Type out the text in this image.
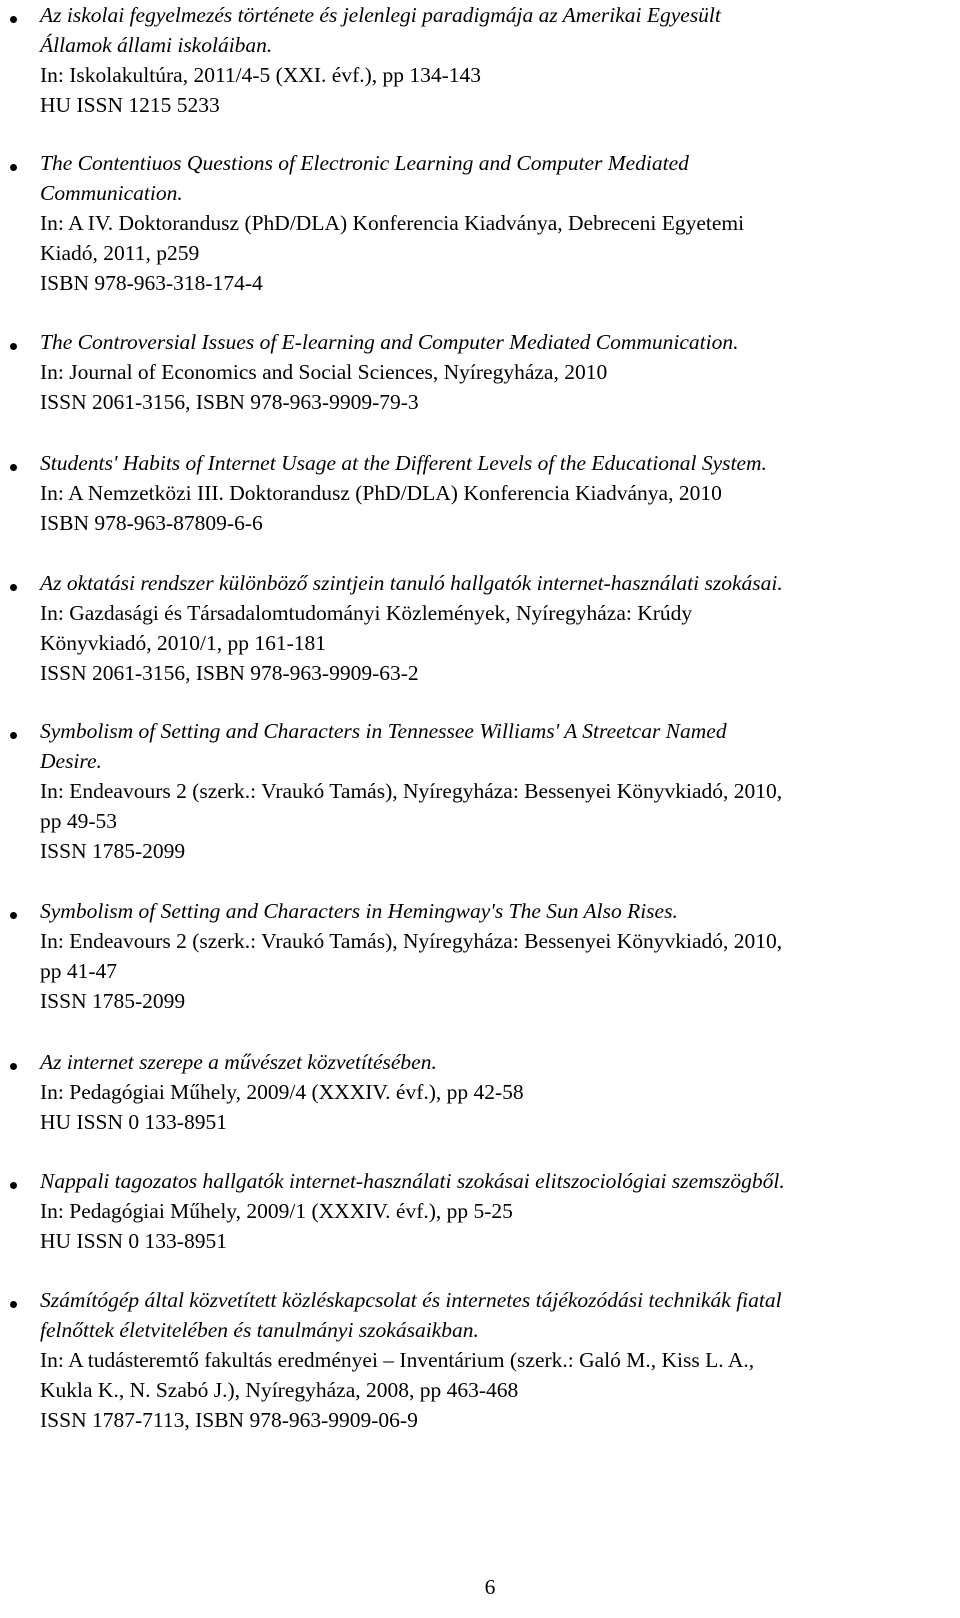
Az iskolai fegyelmezés története és jelenlegi paradigmája az Amerikai Egyesült
Államok állami iskoláiban.
In: Iskolakultúra, 2011/4-5 (XXI. évf.), pp 134-143
HU ISSN 1215 5233
The Contentiuos Questions of Electronic Learning and Computer Mediated
Communication.
In: A IV. Doktorandusz (PhD/DLA) Konferencia Kiadványa, Debreceni Egyetemi
Kiadó, 2011, p259
ISBN 978-963-318-174-4
The Controversial Issues of E-learning and Computer Mediated Communication.
In: Journal of Economics and Social Sciences, Nyíregyháza, 2010
ISSN 2061-3156, ISBN 978-963-9909-79-3
Students' Habits of Internet Usage at the Different Levels of the Educational System.
In: A Nemzetközi III. Doktorandusz (PhD/DLA) Konferencia Kiadványa, 2010
ISBN 978-963-87809-6-6
Az oktatási rendszer különböző szintjein tanuló hallgatók internet-használati szokásai.
In: Gazdasági és Társadalomtudományi Közlemények, Nyíregyháza: Krúdy
Könyvkiadó, 2010/1, pp 161-181
ISSN 2061-3156, ISBN 978-963-9909-63-2
Symbolism of Setting and Characters in Tennessee Williams' A Streetcar Named
Desire.
In: Endeavours 2 (szerk.: Vraukó Tamás), Nyíregyháza: Bessenyei Könyvkiadó, 2010,
pp 49-53
ISSN 1785-2099
Symbolism of Setting and Characters in Hemingway's The Sun Also Rises.
In: Endeavours 2 (szerk.: Vraukó Tamás), Nyíregyháza: Bessenyei Könyvkiadó, 2010,
pp 41-47
ISSN 1785-2099
Az internet szerepe a művészet közvetítésében.
In: Pedagógiai Műhely, 2009/4 (XXXIV. évf.), pp 42-58
HU ISSN 0 133-8951
Nappali tagozatos hallgatók internet-használati szokásai elitszociológiai szemszögből.
In: Pedagógiai Műhely, 2009/1 (XXXIV. évf.), pp 5-25
HU ISSN 0 133-8951
Számítógép által közvetített közléskapcsolat és internetes tájékozódási technikák fiatal
felnőttek életvitelében és tanulmányi szokásaikban.
In: A tudásteremtő fakultás eredményei – Inventárium (szerk.: Galó M., Kiss L. A.,
Kukla K., N. Szabó J.), Nyíregyháza, 2008, pp 463-468
ISSN 1787-7113, ISBN 978-963-9909-06-9
6
